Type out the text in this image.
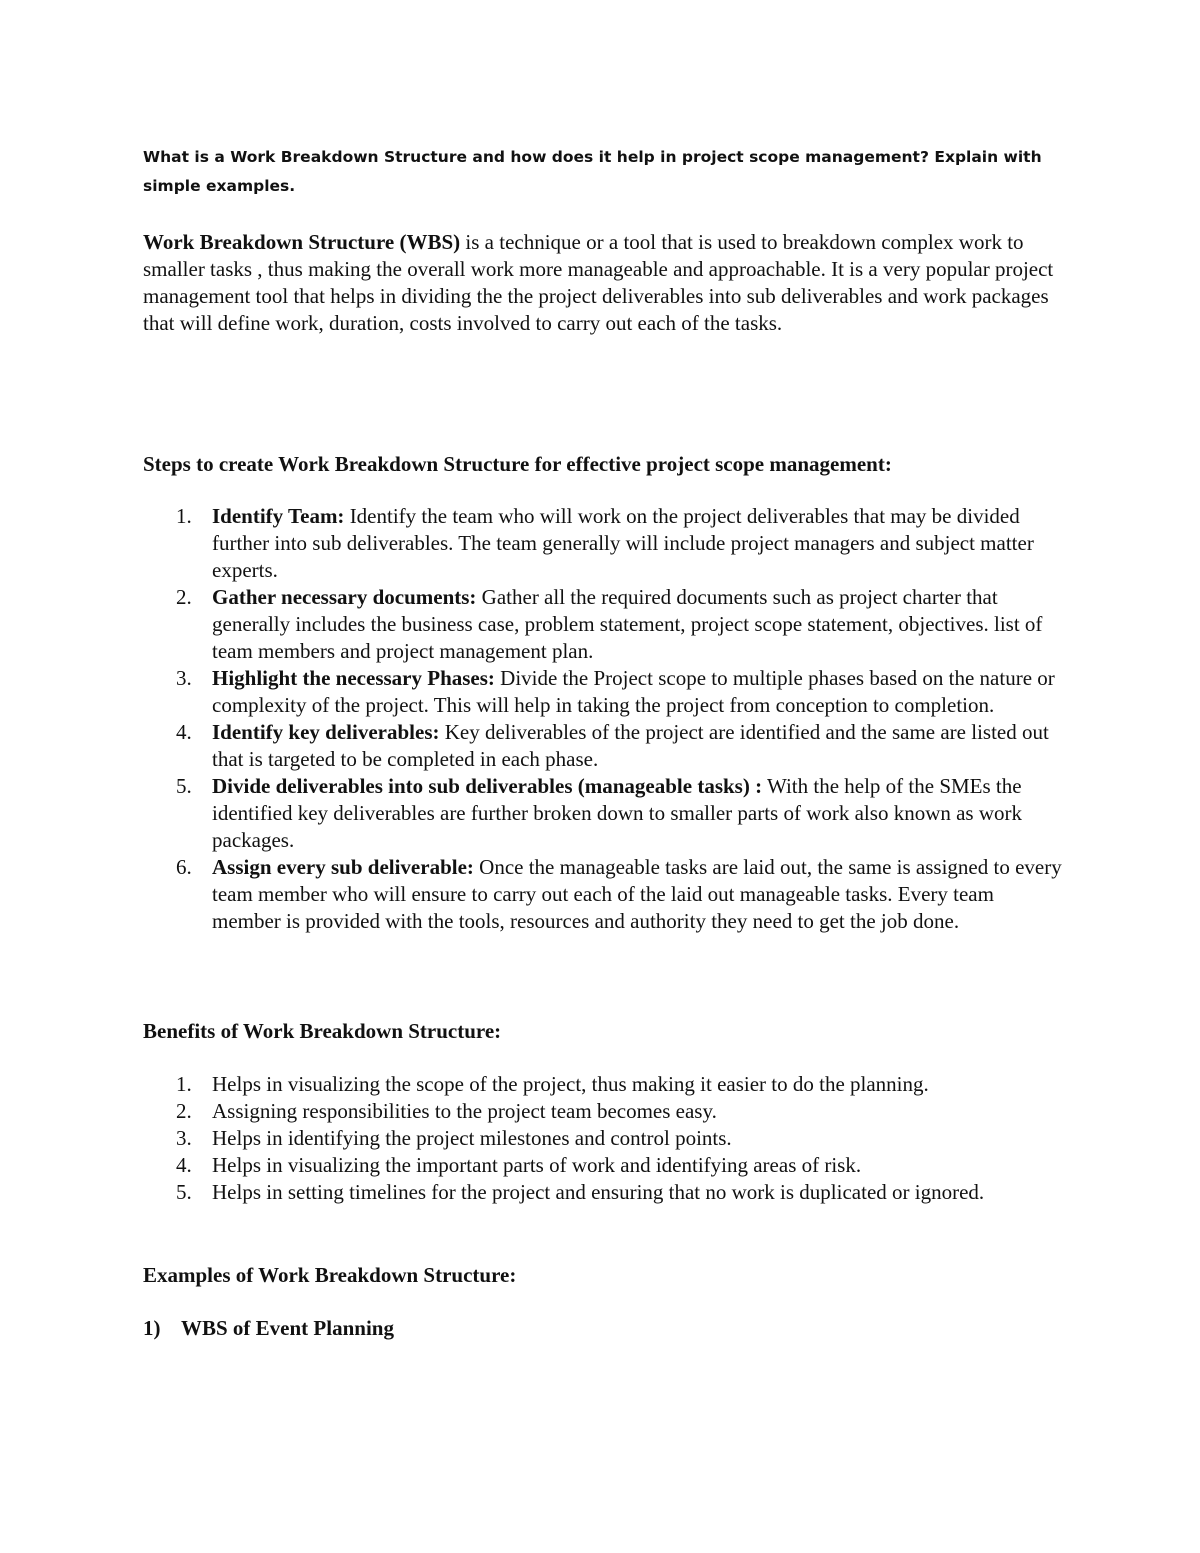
What is a Work Breakdown Structure and how does it help in project scope management? Explain with simple examples.

Work Breakdown Structure (WBS) is a technique or a tool that is used to breakdown complex work to smaller tasks , thus making the overall work more manageable and approachable. It is a very popular project management tool that helps in dividing the the project deliverables into sub deliverables and work packages that will define work, duration, costs involved to carry out each of the tasks.

Steps to create Work Breakdown Structure for effective project scope management:
1. Identify Team: Identify the team who will work on the project deliverables that may be divided further into sub deliverables. The team generally will include project managers and subject matter experts.
2. Gather necessary documents: Gather all the required documents such as project charter that generally includes the business case, problem statement, project scope statement, objectives. list of team members and project management plan.
3. Highlight the necessary Phases: Divide the Project scope to multiple phases based on the nature or complexity of the project. This will help in taking the project from conception to completion.
4. Identify key deliverables: Key deliverables of the project are identified and the same are listed out that is targeted to be completed in each phase.
5. Divide deliverables into sub deliverables (manageable tasks) : With the help of the SMEs the identified key deliverables are further broken down to smaller parts of work also known as work packages.
6. Assign every sub deliverable: Once the manageable tasks are laid out, the same is assigned to every team member who will ensure to carry out each of the laid out manageable tasks. Every team member is provided with the tools, resources and authority they need to get the job done.
Benefits of Work Breakdown Structure:
1. Helps in visualizing the scope of the project, thus making it easier to do the planning.
2. Assigning responsibilities to the project team becomes easy.
3. Helps in identifying the project milestones and control points.
4. Helps in visualizing the important parts of work and identifying areas of risk.
5. Helps in setting timelines for the project and ensuring that no work is duplicated or ignored.
Examples of Work Breakdown Structure:

1) WBS of Event Planning
